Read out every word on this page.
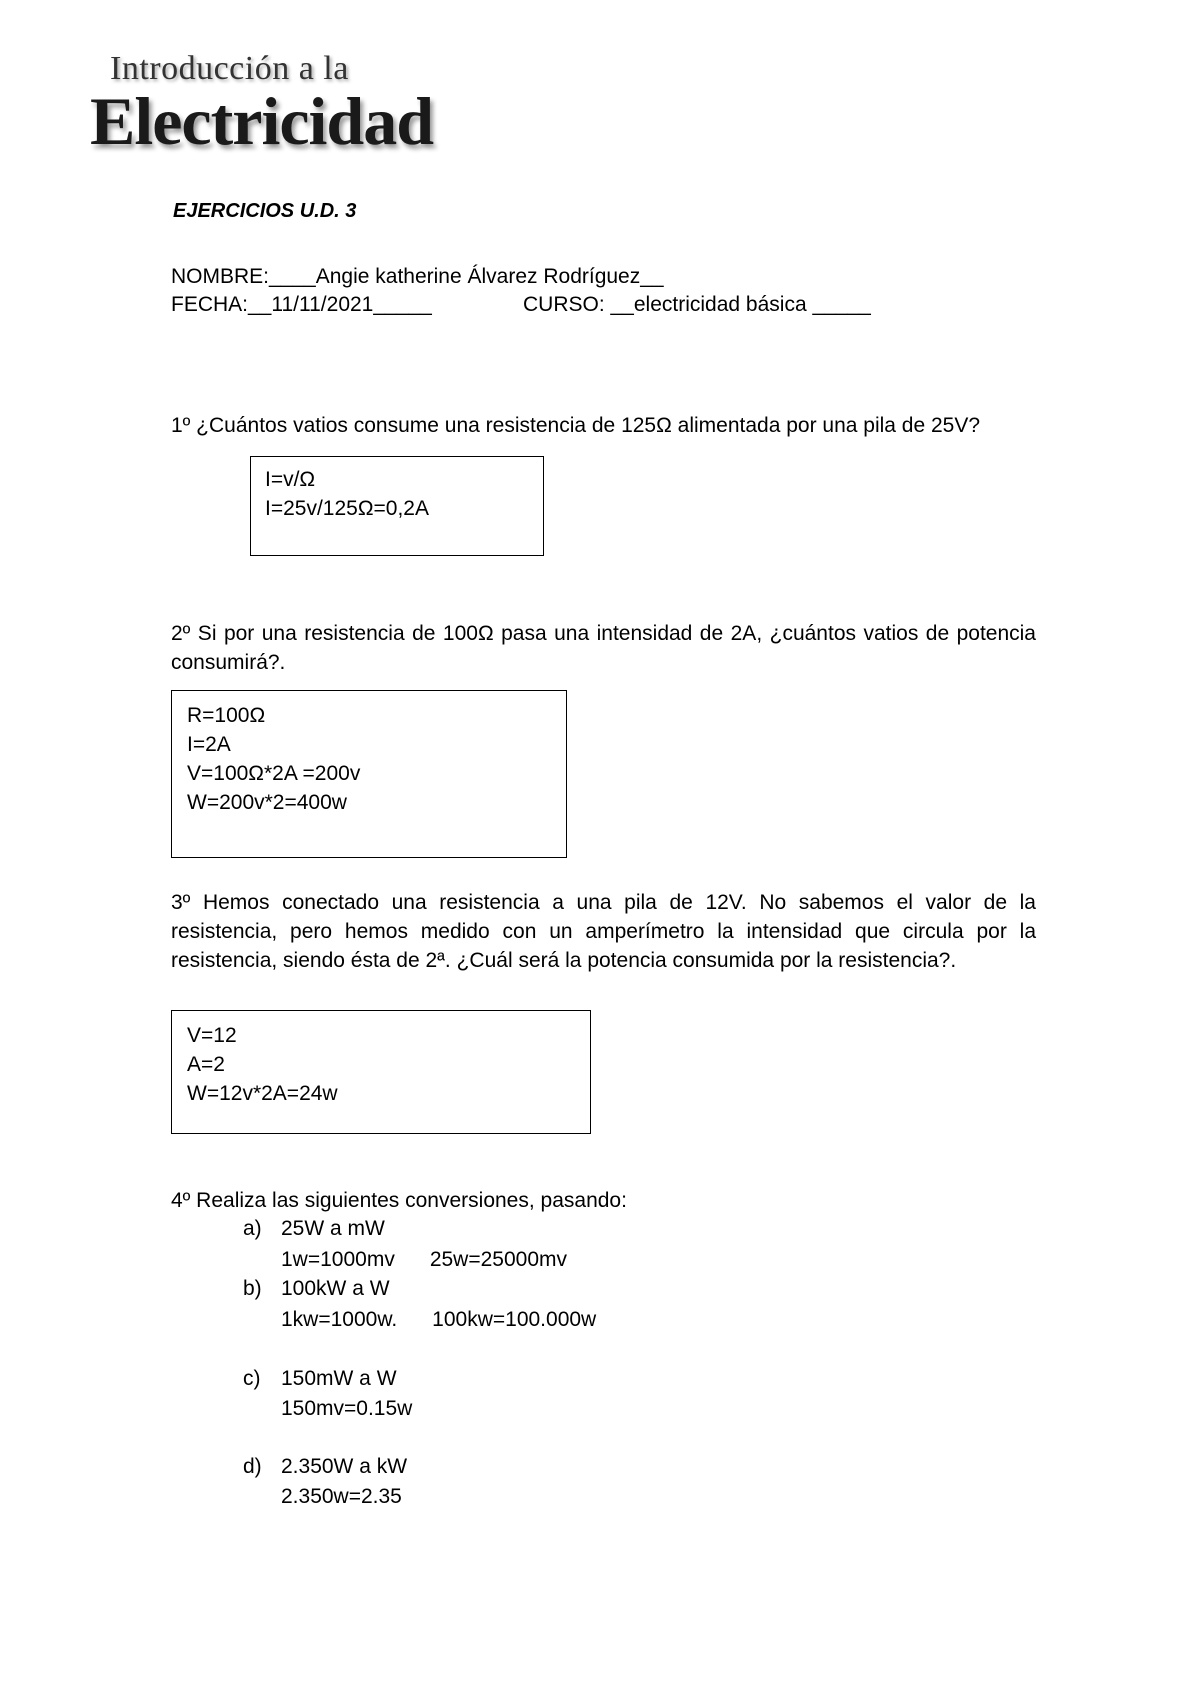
Introducción a la
Electricidad
EJERCICIOS U.D. 3
NOMBRE:____Angie katherine Álvarez Rodríguez__
FECHA:__11/11/2021_____	CURSO: __electricidad básica _____
1º ¿Cuántos vatios consume una resistencia de 125Ω alimentada por una pila de 25V?
I=v/Ω
I=25v/125Ω=0,2A
2º Si por una resistencia de 100Ω pasa una intensidad de 2A, ¿cuántos vatios de potencia consumirá?.
R=100Ω
I=2A
V=100Ω*2A =200v
W=200v*2=400w
3º Hemos conectado una resistencia a una pila de 12V. No sabemos el valor de la resistencia, pero hemos medido con un amperímetro la intensidad que circula por la resistencia, siendo ésta de 2ª. ¿Cuál será la potencia consumida por la resistencia?.
V=12
A=2
W=12v*2A=24w
4º Realiza las siguientes conversiones, pasando:
a) 25W a mW
1w=1000mv      25w=25000mv
b) 100kW a W
1kw=1000w.      100kw=100.000w
c) 150mW a W
150mv=0.15w
d) 2.350W a kW
2.350w=2.35
